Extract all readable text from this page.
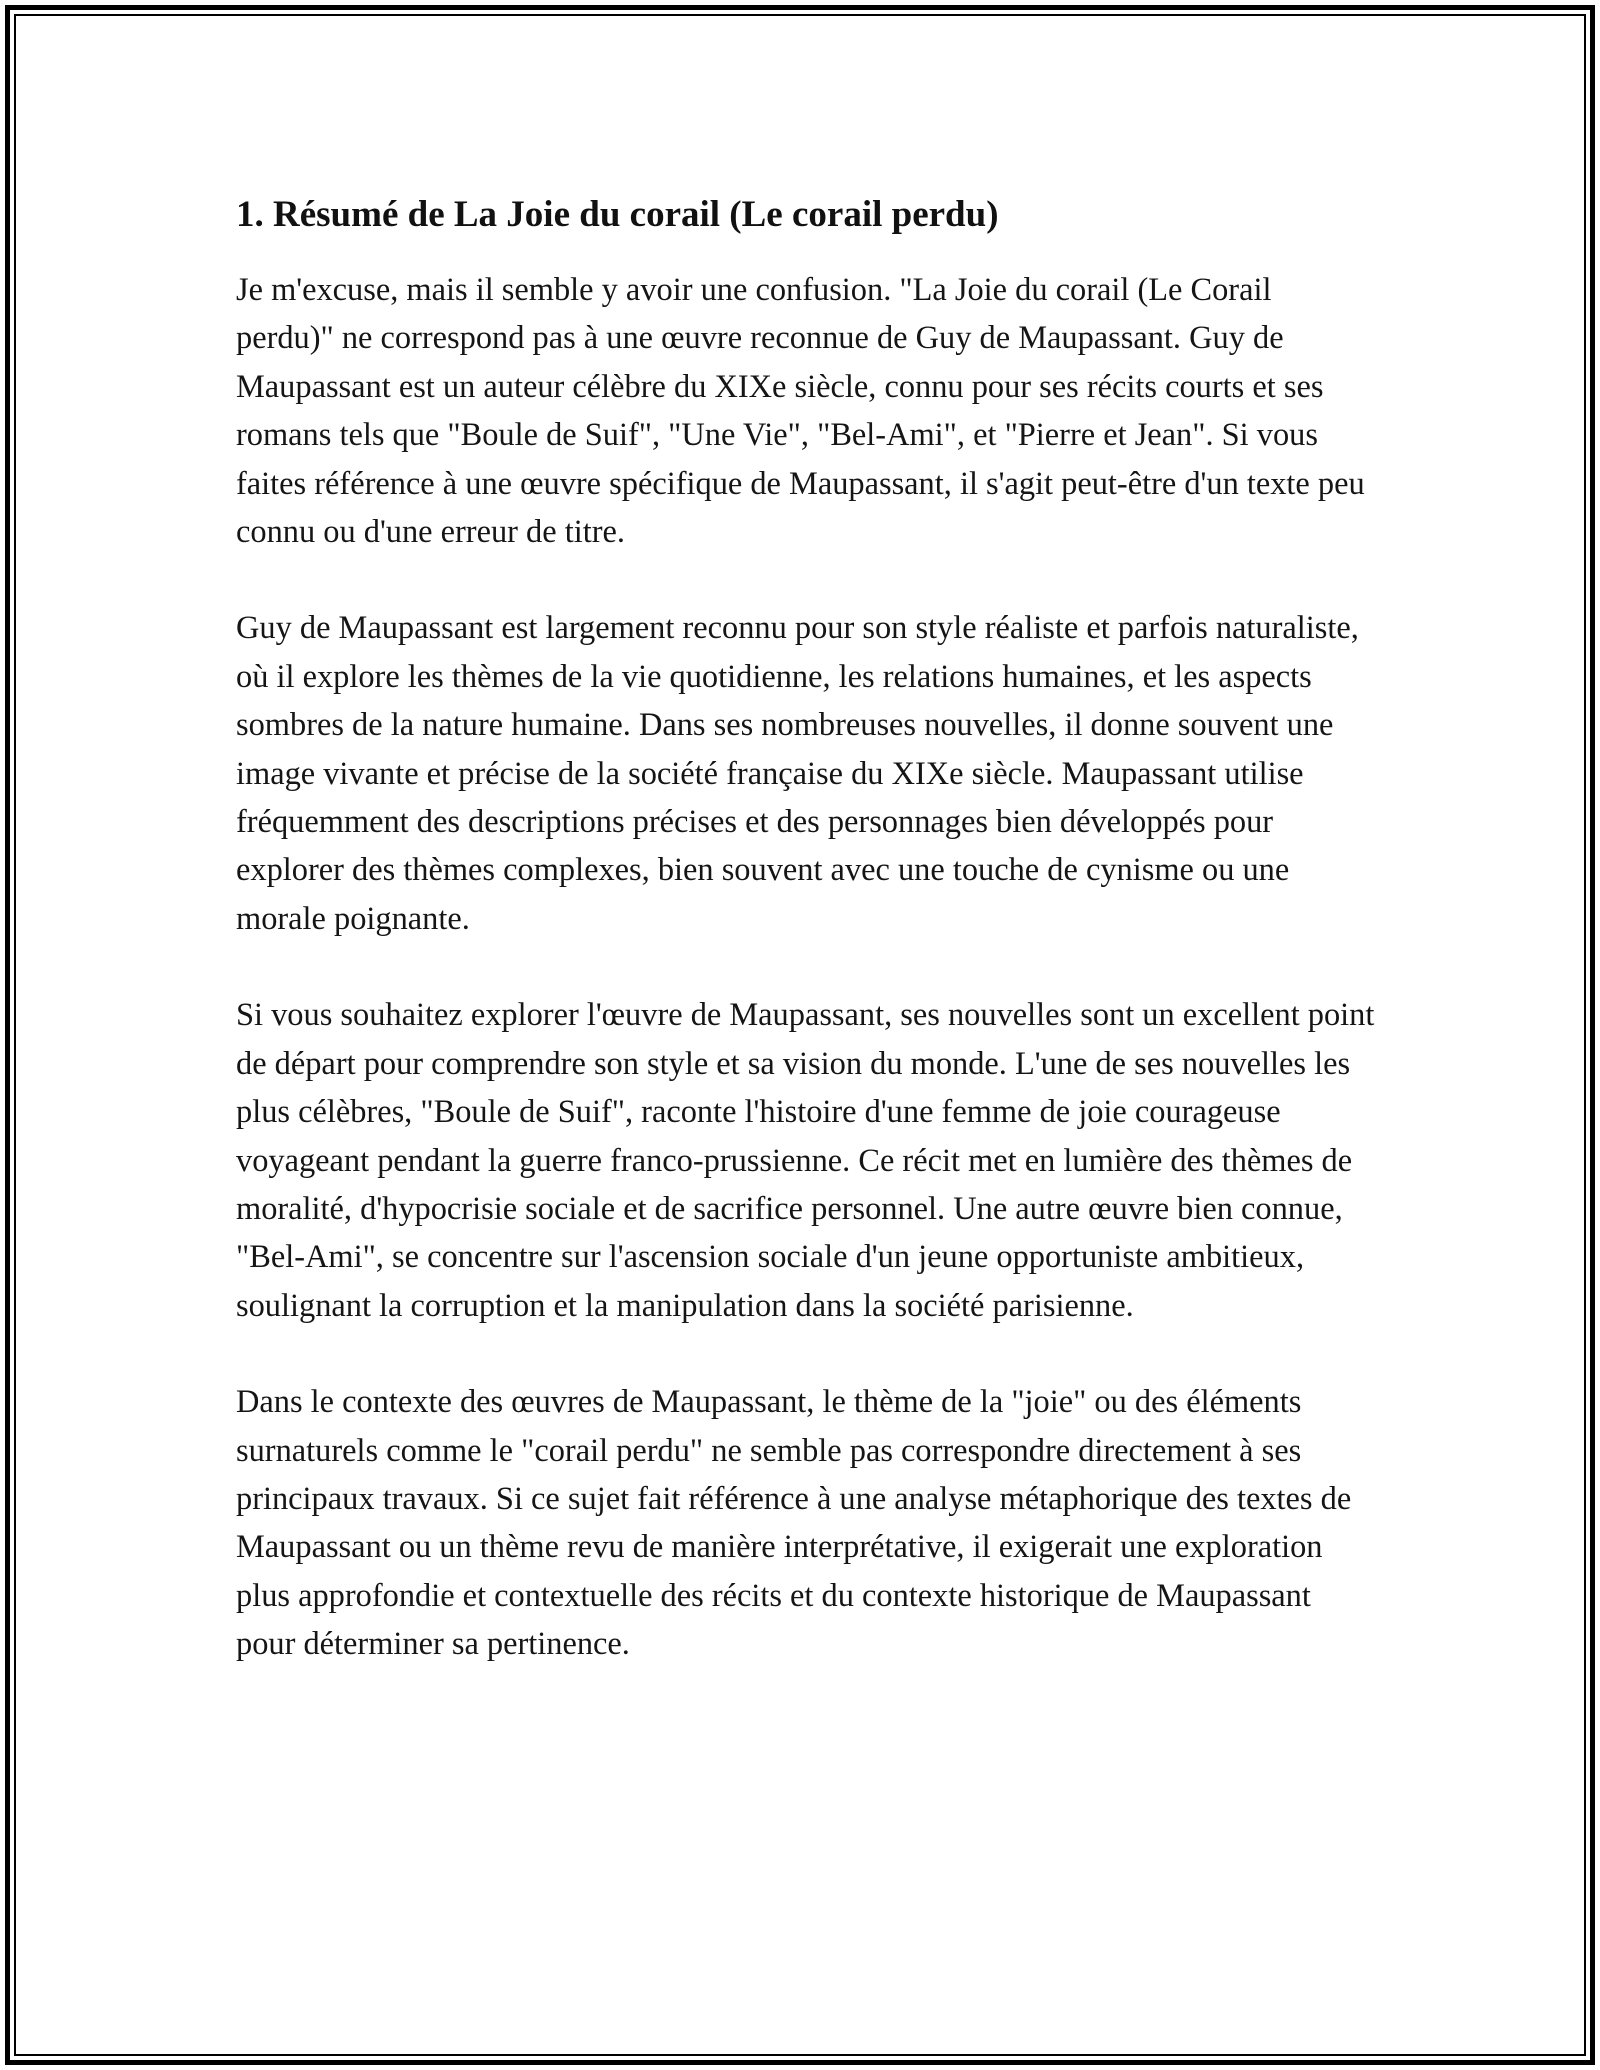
1. Résumé de La Joie du corail (Le corail perdu)

Je m'excuse, mais il semble y avoir une confusion. "La Joie du corail (Le Corail perdu)" ne correspond pas à une œuvre reconnue de Guy de Maupassant. Guy de Maupassant est un auteur célèbre du XIXe siècle, connu pour ses récits courts et ses romans tels que "Boule de Suif", "Une Vie", "Bel-Ami", et "Pierre et Jean". Si vous faites référence à une œuvre spécifique de Maupassant, il s'agit peut-être d'un texte peu connu ou d'une erreur de titre.

Guy de Maupassant est largement reconnu pour son style réaliste et parfois naturaliste, où il explore les thèmes de la vie quotidienne, les relations humaines, et les aspects sombres de la nature humaine. Dans ses nombreuses nouvelles, il donne souvent une image vivante et précise de la société française du XIXe siècle. Maupassant utilise fréquemment des descriptions précises et des personnages bien développés pour explorer des thèmes complexes, bien souvent avec une touche de cynisme ou une morale poignante.

Si vous souhaitez explorer l'œuvre de Maupassant, ses nouvelles sont un excellent point de départ pour comprendre son style et sa vision du monde. L'une de ses nouvelles les plus célèbres, "Boule de Suif", raconte l'histoire d'une femme de joie courageuse voyageant pendant la guerre franco-prussienne. Ce récit met en lumière des thèmes de moralité, d'hypocrisie sociale et de sacrifice personnel. Une autre œuvre bien connue, "Bel-Ami", se concentre sur l'ascension sociale d'un jeune opportuniste ambitieux, soulignant la corruption et la manipulation dans la société parisienne.

Dans le contexte des œuvres de Maupassant, le thème de la "joie" ou des éléments surnaturels comme le "corail perdu" ne semble pas correspondre directement à ses principaux travaux. Si ce sujet fait référence à une analyse métaphorique des textes de Maupassant ou un thème revu de manière interprétative, il exigerait une exploration plus approfondie et contextuelle des récits et du contexte historique de Maupassant pour déterminer sa pertinence.
